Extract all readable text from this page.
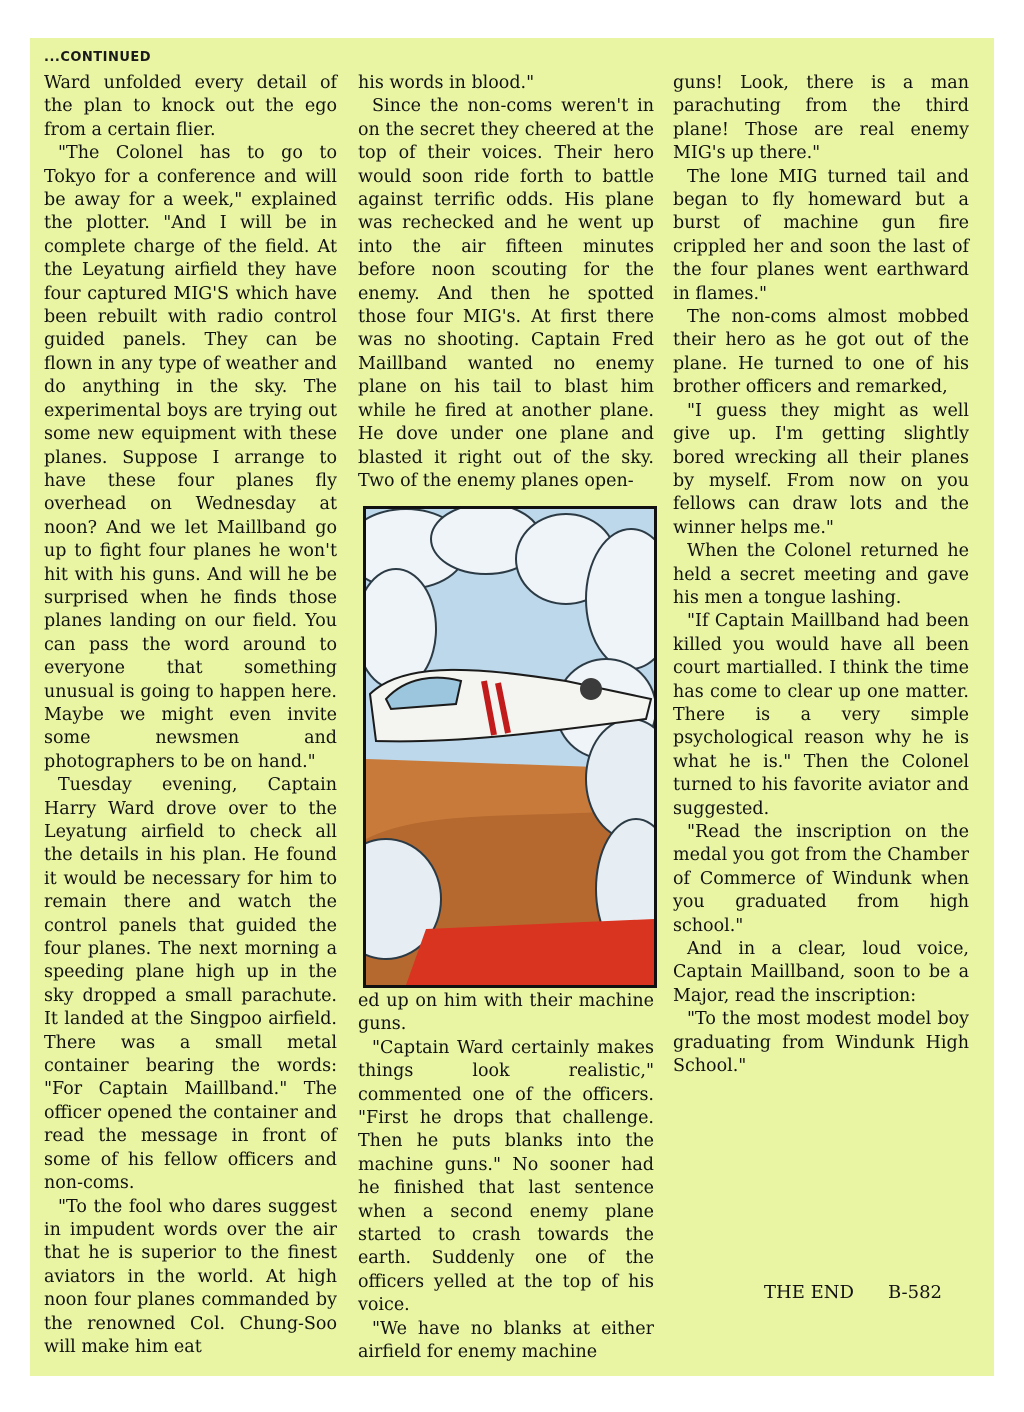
...CONTINUED

Ward unfolded every detail of the plan to knock out the ego from a certain flier.

"The Colonel has to go to Tokyo for a conference and will be away for a week," explained the plotter. "And I will be in complete charge of the field. At the Leyatung airfield they have four captured MIG'S which have been rebuilt with radio control guided panels. They can be flown in any type of weather and do anything in the sky. The experimental boys are trying out some new equipment with these planes. Suppose I arrange to have these four planes fly overhead on Wednesday at noon? And we let Maillband go up to fight four planes he won't hit with his guns. And will he be surprised when he finds those planes landing on our field. You can pass the word around to everyone that something unusual is going to happen here. Maybe we might even invite some newsmen and photographers to be on hand."

Tuesday evening, Captain Harry Ward drove over to the Leyatung airfield to check all the details in his plan. He found it would be necessary for him to remain there and watch the control panels that guided the four planes. The next morning a speeding plane high up in the sky dropped a small parachute. It landed at the Singpoo airfield. There was a small metal container bearing the words: "For Captain Maillband." The officer opened the container and read the message in front of some of his fellow officers and non-coms.

"To the fool who dares suggest in impudent words over the air that he is superior to the finest aviators in the world. At high noon four planes commanded by the renowned Col. Chung-Soo will make him eat

his words in blood."

Since the non-coms weren't in on the secret they cheered at the top of their voices. Their hero would soon ride forth to battle against terrific odds. His plane was rechecked and he went up into the air fifteen minutes before noon scouting for the enemy. And then he spotted those four MIG's. At first there was no shooting. Captain Fred Maillband wanted no enemy plane on his tail to blast him while he fired at another plane. He dove under one plane and blasted it right out of the sky. Two of the enemy planes open-

ed up on him with their machine guns.

"Captain Ward certainly makes things look realistic," commented one of the officers. "First he drops that challenge. Then he puts blanks into the machine guns." No sooner had he finished that last sentence when a second enemy plane started to crash towards the earth. Suddenly one of the officers yelled at the top of his voice.

"We have no blanks at either airfield for enemy machine

guns! Look, there is a man parachuting from the third plane! Those are real enemy MIG's up there."

The lone MIG turned tail and began to fly homeward but a burst of machine gun fire crippled her and soon the last of the four planes went earthward in flames."

The non-coms almost mobbed their hero as he got out of the plane. He turned to one of his brother officers and remarked,

"I guess they might as well give up. I'm getting slightly bored wrecking all their planes by myself. From now on you fellows can draw lots and the winner helps me."

When the Colonel returned he held a secret meeting and gave his men a tongue lashing.

"If Captain Maillband had been killed you would have all been court martialled. I think the time has come to clear up one matter. There is a very simple psychological reason why he is what he is." Then the Colonel turned to his favorite aviator and suggested.

"Read the inscription on the medal you got from the Chamber of Commerce of Windunk when you graduated from high school."

And in a clear, loud voice, Captain Maillband, soon to be a Major, read the inscription:

"To the most modest model boy graduating from Windunk High School."

THE END B-582
